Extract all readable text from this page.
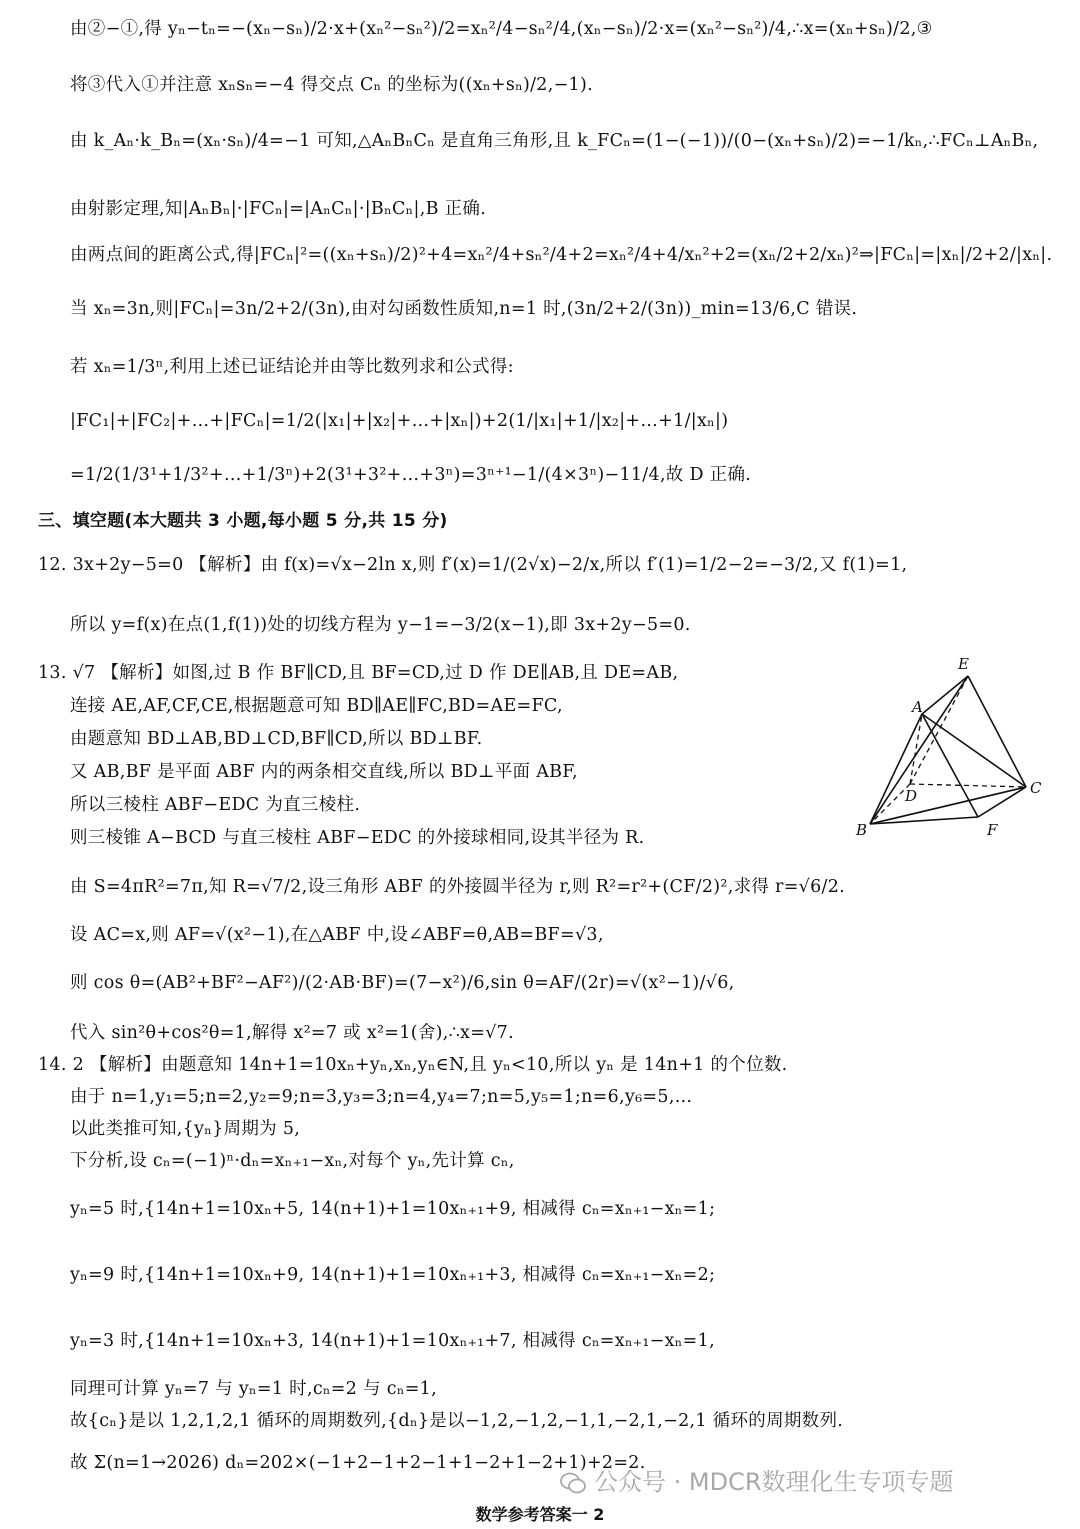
由②−①,得 yₙ−tₙ=−(xₙ−sₙ)/2·x+(xₙ²−sₙ²)/2=xₙ²/4−sₙ²/4,(xₙ−sₙ)/2·x=(xₙ²−sₙ²)/4,∴x=(xₙ+sₙ)/2,③
将③代入①并注意 xₙsₙ=−4 得交点 Cₙ 的坐标为((xₙ+sₙ)/2,−1).
由 k_Aₙ·k_Bₙ=(xₙ·sₙ)/4=−1 可知,△AₙBₙCₙ 是直角三角形,且 k_FCₙ=(1−(−1))/(0−(xₙ+sₙ)/2)=−1/kₙ,∴FCₙ⊥AₙBₙ,
由射影定理,知|AₙBₙ|·|FCₙ|=|AₙCₙ|·|BₙCₙ|,B 正确.
由两点间的距离公式,得|FCₙ|²=((xₙ+sₙ)/2)²+4=xₙ²/4+sₙ²/4+2=xₙ²/4+4/xₙ²+2=(xₙ/2+2/xₙ)²⇒|FCₙ|=|xₙ|/2+2/|xₙ|.
当 xₙ=3n,则|FCₙ|=3n/2+2/(3n),由对勾函数性质知,n=1 时,(3n/2+2/(3n))_min=13/6,C 错误.
若 xₙ=1/3ⁿ,利用上述已证结论并由等比数列求和公式得:
|FC₁|+|FC₂|+…+|FCₙ|=1/2(|x₁|+|x₂|+…+|xₙ|)+2(1/|x₁|+1/|x₂|+…+1/|xₙ|)
=1/2(1/3¹+1/3²+…+1/3ⁿ)+2(3¹+3²+…+3ⁿ)=3ⁿ⁺¹−1/(4×3ⁿ)−11/4,故 D 正确.
三、填空题(本大题共 3 小题,每小题 5 分,共 15 分)
12. 3x+2y−5=0 【解析】由 f(x)=√x−2ln x,则 f′(x)=1/(2√x)−2/x,所以 f′(1)=1/2−2=−3/2,又 f(1)=1,
所以 y=f(x)在点(1,f(1))处的切线方程为 y−1=−3/2(x−1),即 3x+2y−5=0.
13. √7 【解析】如图,过 B 作 BF∥CD,且 BF=CD,过 D 作 DE∥AB,且 DE=AB,
连接 AE,AF,CF,CE,根据题意可知 BD∥AE∥FC,BD=AE=FC,
由题意知 BD⊥AB,BD⊥CD,BF∥CD,所以 BD⊥BF.
又 AB,BF 是平面 ABF 内的两条相交直线,所以 BD⊥平面 ABF,
所以三棱柱 ABF−EDC 为直三棱柱.
则三棱锥 A−BCD 与直三棱柱 ABF−EDC 的外接球相同,设其半径为 R.
由 S=4πR²=7π,知 R=√7/2,设三角形 ABF 的外接圆半径为 r,则 R²=r²+(CF/2)²,求得 r=√6/2.
设 AC=x,则 AF=√(x²−1),在△ABF 中,设∠ABF=θ,AB=BF=√3,
则 cos θ=(AB²+BF²−AF²)/(2·AB·BF)=(7−x²)/6,sin θ=AF/(2r)=√(x²−1)/√6,
代入 sin²θ+cos²θ=1,解得 x²=7 或 x²=1(舍),∴x=√7.
14. 2 【解析】由题意知 14n+1=10xₙ+yₙ,xₙ,yₙ∈N,且 yₙ<10,所以 yₙ 是 14n+1 的个位数.
由于 n=1,y₁=5;n=2,y₂=9;n=3,y₃=3;n=4,y₄=7;n=5,y₅=1;n=6,y₆=5,…
以此类推可知,{yₙ}周期为 5,
下分析,设 cₙ=(−1)ⁿ·dₙ=xₙ₊₁−xₙ,对每个 yₙ,先计算 cₙ,
yₙ=5 时,{14n+1=10xₙ+5, 14(n+1)+1=10xₙ₊₁+9, 相减得 cₙ=xₙ₊₁−xₙ=1;
yₙ=9 时,{14n+1=10xₙ+9, 14(n+1)+1=10xₙ₊₁+3, 相减得 cₙ=xₙ₊₁−xₙ=2;
yₙ=3 时,{14n+1=10xₙ+3, 14(n+1)+1=10xₙ₊₁+7, 相减得 cₙ=xₙ₊₁−xₙ=1,
同理可计算 yₙ=7 与 yₙ=1 时,cₙ=2 与 cₙ=1,
故{cₙ}是以 1,2,1,2,1 循环的周期数列,{dₙ}是以−1,2,−1,2,−1,1,−2,1,−2,1 循环的周期数列.
故 Σ(n=1→2026) dₙ=202×(−1+2−1+2−1+1−2+1−2+1)+2=2.
E
A
D	C
B	F
公众号 · MDCR数理化生专项专题
数学参考答案一 2
